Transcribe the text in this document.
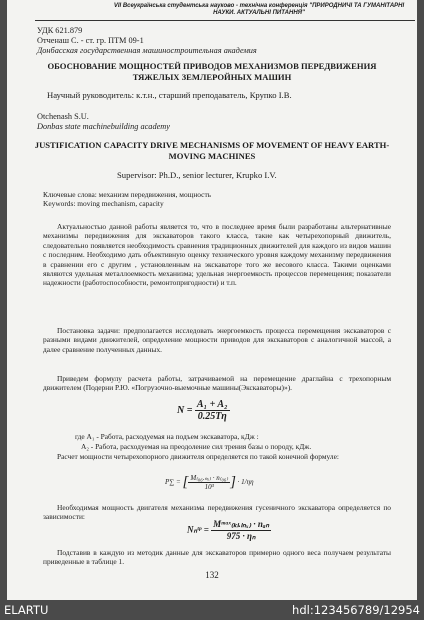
VII Всеукраїнська студентська науково - технічна конференція "ПРИРОДНИЧІ ТА ГУМАНІТАРНІ НАУКИ. АКТУАЛЬНІ ПИТАННЯ"
УДК 621.879
Отченаш С. - ст. гр. ПТМ 09-1
Донбасская государственная машиностроительная академия
ОБОСНОВАНИЕ МОЩНОСТЕЙ ПРИВОДОВ МЕХАНИЗМОВ ПЕРЕДВИЖЕНИЯ ТЯЖЕЛЫХ ЗЕМЛЕРОЙНЫХ МАШИН
Научный руководитель: к.т.н., старший преподаватель, Крупко І.В.
Otchenash S.U.
Donbas state machinebuilding academy
JUSTIFICATION CAPACITY DRIVE MECHANISMS OF MOVEMENT OF HEAVY EARTH-MOVING MACHINES
Supervisor: Ph.D., senior lecturer, Krupko I.V.
Ключевые слова: механизм передвижения, мощность
Keywords: moving mechanism, capacity
Актуальностью данной работы является то, что в последнее время были разработаны альтернативные механизмы передвижения для экскаваторов такого класса, такие как четырехопорный движитель, следовательно появляется необходимость сравнения традиционных движителей для каждого из видов машин с последним. Необходимо дать объективную оценку технического уровня каждому механизму передвижения в сравнении его с другим , установленным на экскаваторе того же весового класса. Такими оценками являются удельная металлоемкость механизма; удельная энергоемкость процессов перемещения; показатели надежности (работоспособности, ремонтопригодности) и т.п.
Постановка задачи: предполагается исследовать энергоемкость процесса перемещения экскаваторов с разными видами движителей, определение мощности приводов для экскаваторов с аналогичной массой, а далее сравнение полученных данных.
Приведем формулу расчета работы, затрачиваемой на перемещение драглайна с трехопорным движителем (Подерни Р.Ю. «Погрузочно-выемочные машины(Экскаваторы)»).
$N = \frac{\text{A₁ + A₂}}{0.25T\eta}$
где A₁ - Работа, расходуемая на подъем экскаватора, кДж :
A₂ - Работа, расходуемая на преодоление сил трения базы о породу, кДж.
Расчет мощности четырехопорного движителя определяется по такой конечной формуле:
P∑ = [ $\frac{\text{M₍₀₆.ₙₓ₎ · n₍₀₆₎}}{\text{10³}}$ ] · 1/ηη
Необходимая мощность двигателя механизма передвижения гусеничного экскаватора определяется по зависимости:
Nₙᵗᵖ = $\frac{\text{Mᵐᵃˣ₍ₖₗ.ₗₙₓ₎ · nₐₙ}}{\text{975 · ηₙ}}$
Подставив в каждую из методик данные для экскаваторов примерно одного веса получаем результаты приведенные в таблице 1.
132
ELARTU	hdl:123456789/12954
